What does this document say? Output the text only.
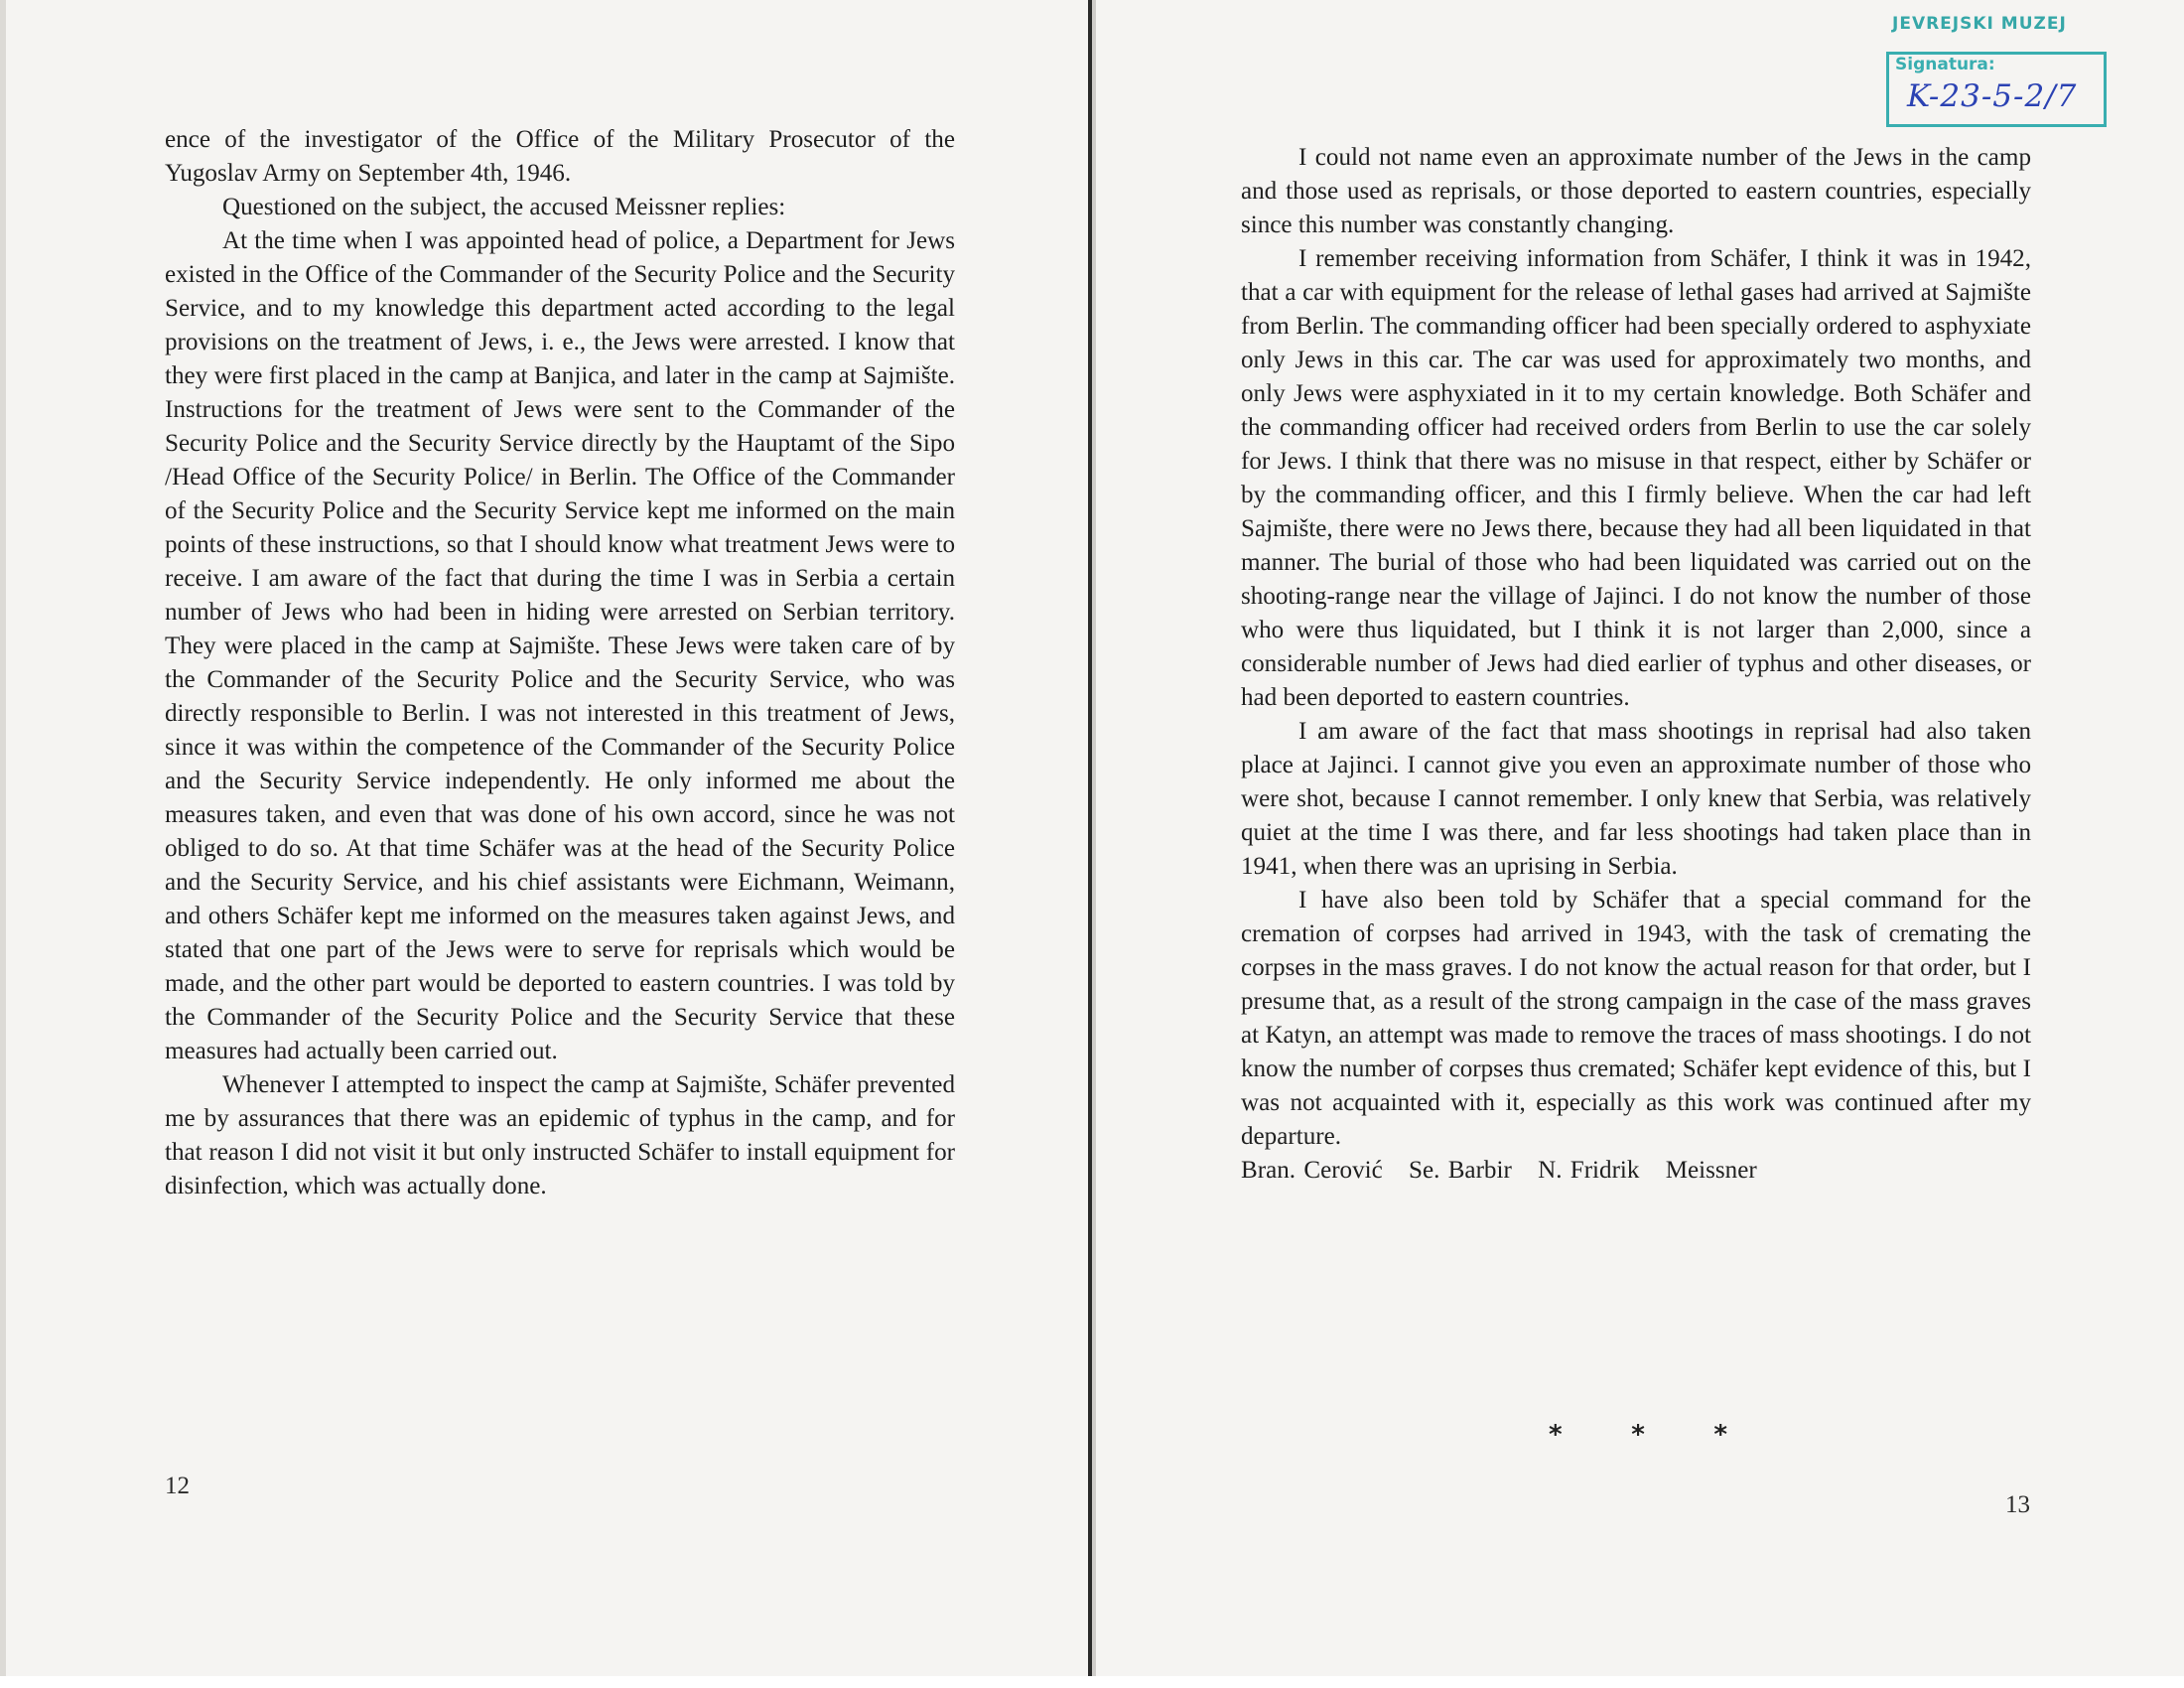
ence of the investigator of the Office of the Military Prosecutor of the Yugoslav Army on September 4th, 1946.

Questioned on the subject, the accused Meissner replies:

At the time when I was appointed head of police, a Department for Jews existed in the Office of the Commander of the Security Police and the Security Service, and to my knowledge this department acted according to the legal provisions on the treatment of Jews, i. e., the Jews were arrested. I know that they were first placed in the camp at Banjica, and later in the camp at Sajmište. Instructions for the treatment of Jews were sent to the Commander of the Security Police and the Security Service directly by the Hauptamt of the Sipo /Head Office of the Security Police/ in Berlin. The Office of the Commander of the Security Police and the Security Service kept me informed on the main points of these instructions, so that I should know what treatment Jews were to receive. I am aware of the fact that during the time I was in Serbia a certain number of Jews who had been in hiding were arrested on Serbian territory. They were placed in the camp at Sajmište. These Jews were taken care of by the Commander of the Security Police and the Security Service, who was directly responsible to Berlin. I was not interested in this treatment of Jews, since it was within the competence of the Commander of the Security Police and the Security Service independently. He only informed me about the measures taken, and even that was done of his own accord, since he was not obliged to do so. At that time Schäfer was at the head of the Security Police and the Security Service, and his chief assistants were Eichmann, Weimann, and others Schäfer kept me informed on the measures taken against Jews, and stated that one part of the Jews were to serve for reprisals which would be made, and the other part would be deported to eastern countries. I was told by the Commander of the Security Police and the Security Service that these measures had actually been carried out.

Whenever I attempted to inspect the camp at Sajmište, Schäfer prevented me by assurances that there was an epidemic of typhus in the camp, and for that reason I did not visit it but only instructed Schäfer to install equipment for disinfection, which was actually done.

12

I could not name even an approximate number of the Jews in the camp and those used as reprisals, or those deported to eastern countries, especially since this number was constantly changing.

I remember receiving information from Schäfer, I think it was in 1942, that a car with equipment for the release of lethal gases had arrived at Sajmište from Berlin. The commanding officer had been specially ordered to asphyxiate only Jews in this car. The car was used for approximately two months, and only Jews were asphyxiated in it to my certain knowledge. Both Schäfer and the commanding officer had received orders from Berlin to use the car solely for Jews. I think that there was no misuse in that respect, either by Schäfer or by the commanding officer, and this I firmly believe. When the car had left Sajmište, there were no Jews there, because they had all been liquidated in that manner. The burial of those who had been liquidated was carried out on the shooting-range near the village of Jajinci. I do not know the number of those who were thus liquidated, but I think it is not larger than 2,000, since a considerable number of Jews had died earlier of typhus and other diseases, or had been deported to eastern countries.

I am aware of the fact that mass shootings in reprisal had also taken place at Jajinci. I cannot give you even an approximate number of those who were shot, because I cannot remember. I only knew that Serbia, was relatively quiet at the time I was there, and far less shootings had taken place than in 1941, when there was an uprising in Serbia.

I have also been told by Schäfer that a special command for the cremation of corpses had arrived in 1943, with the task of cremating the corpses in the mass graves. I do not know the actual reason for that order, but I presume that, as a result of the strong campaign in the case of the mass graves at Katyn, an attempt was made to remove the traces of mass shootings. I do not know the number of corpses thus cremated; Schäfer kept evidence of this, but I was not acquainted with it, especially as this work was continued after my departure.

Bran. Cerović Se. Barbir N. Fridrik Meissner

*	*	*
13
JEVREJSKI MUZEJ
Signatura:
K-23-5-2/7
